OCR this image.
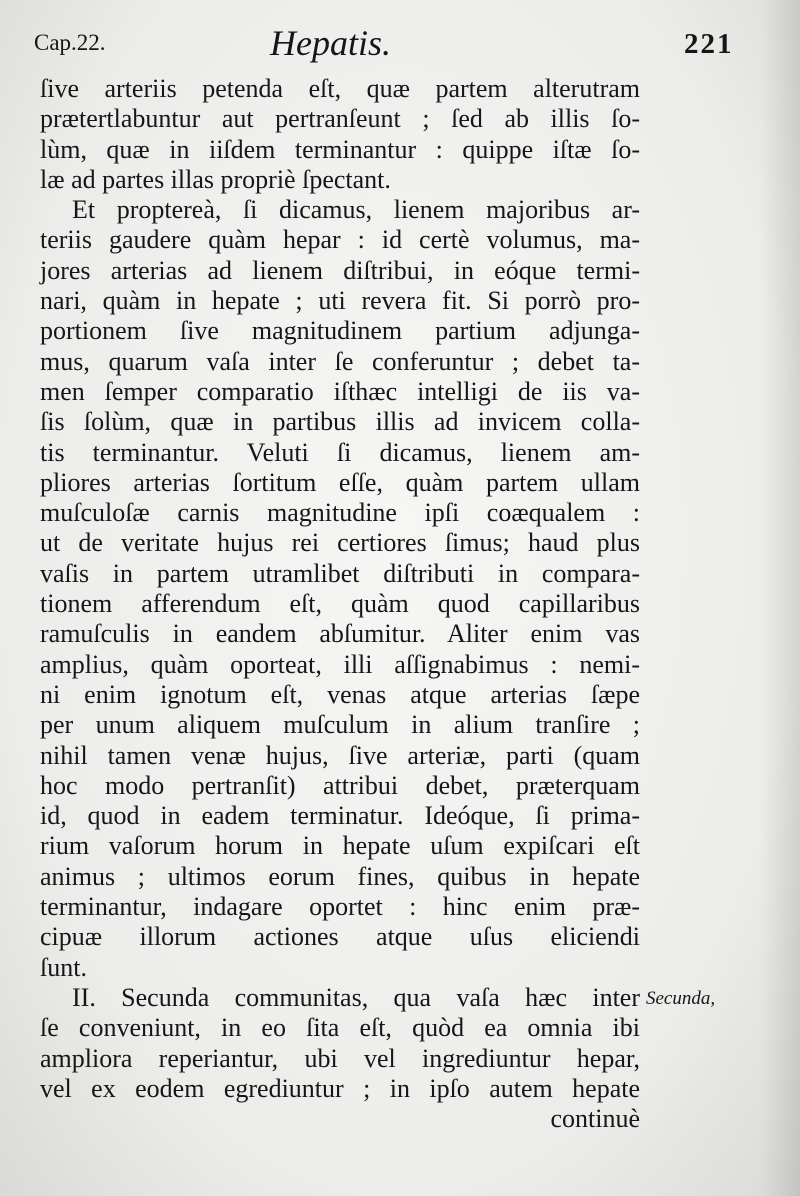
Cap.22.	Hepatis.	221
ſive arteriis petenda eſt, quæ partem alterutram
prætertlabuntur aut pertranſeunt ; ſed ab illis ſo-
lùm, quæ in iiſdem terminantur : quippe iſtæ ſo-
læ ad partes illas propriè ſpectant.
Et proptereà, ſi dicamus, lienem majoribus ar-
teriis gaudere quàm hepar : id certè volumus, ma-
jores arterias ad lienem diſtribui, in eóque termi-
nari, quàm in hepate ; uti revera fit. Si porrò pro-
portionem ſive magnitudinem partium adjunga-
mus, quarum vaſa inter ſe conferuntur ; debet ta-
men ſemper comparatio iſthæc intelligi de iis va-
ſis ſolùm, quæ in partibus illis ad invicem colla-
tis terminantur. Veluti ſi dicamus, lienem am-
pliores arterias ſortitum eſſe, quàm partem ullam
muſculoſæ carnis magnitudine ipſi coæqualem :
ut de veritate hujus rei certiores ſimus; haud plus
vaſis in partem utramlibet diſtributi in compara-
tionem afferendum eſt, quàm quod capillaribus
ramuſculis in eandem abſumitur. Aliter enim vas
amplius, quàm oporteat, illi aſſignabimus : nemi-
ni enim ignotum eſt, venas atque arterias ſæpe
per unum aliquem muſculum in alium tranſire ;
nihil tamen venæ hujus, ſive arteriæ, parti (quam
hoc modo pertranſit) attribui debet, præterquam
id, quod in eadem terminatur. Ideóque, ſi prima-
rium vaſorum horum in hepate uſum expiſcari eſt
animus ; ultimos eorum fines, quibus in hepate
terminantur, indagare oportet : hinc enim præ-
cipuæ illorum actiones atque uſus eliciendi
ſunt.
II. Secunda communitas, qua vaſa hæc inter
ſe conveniunt, in eo ſita eſt, quòd ea omnia ibi
ampliora reperiantur, ubi vel ingrediuntur hepar,
vel ex eodem egrediuntur ; in ipſo autem hepate
continuè
Secunda,
